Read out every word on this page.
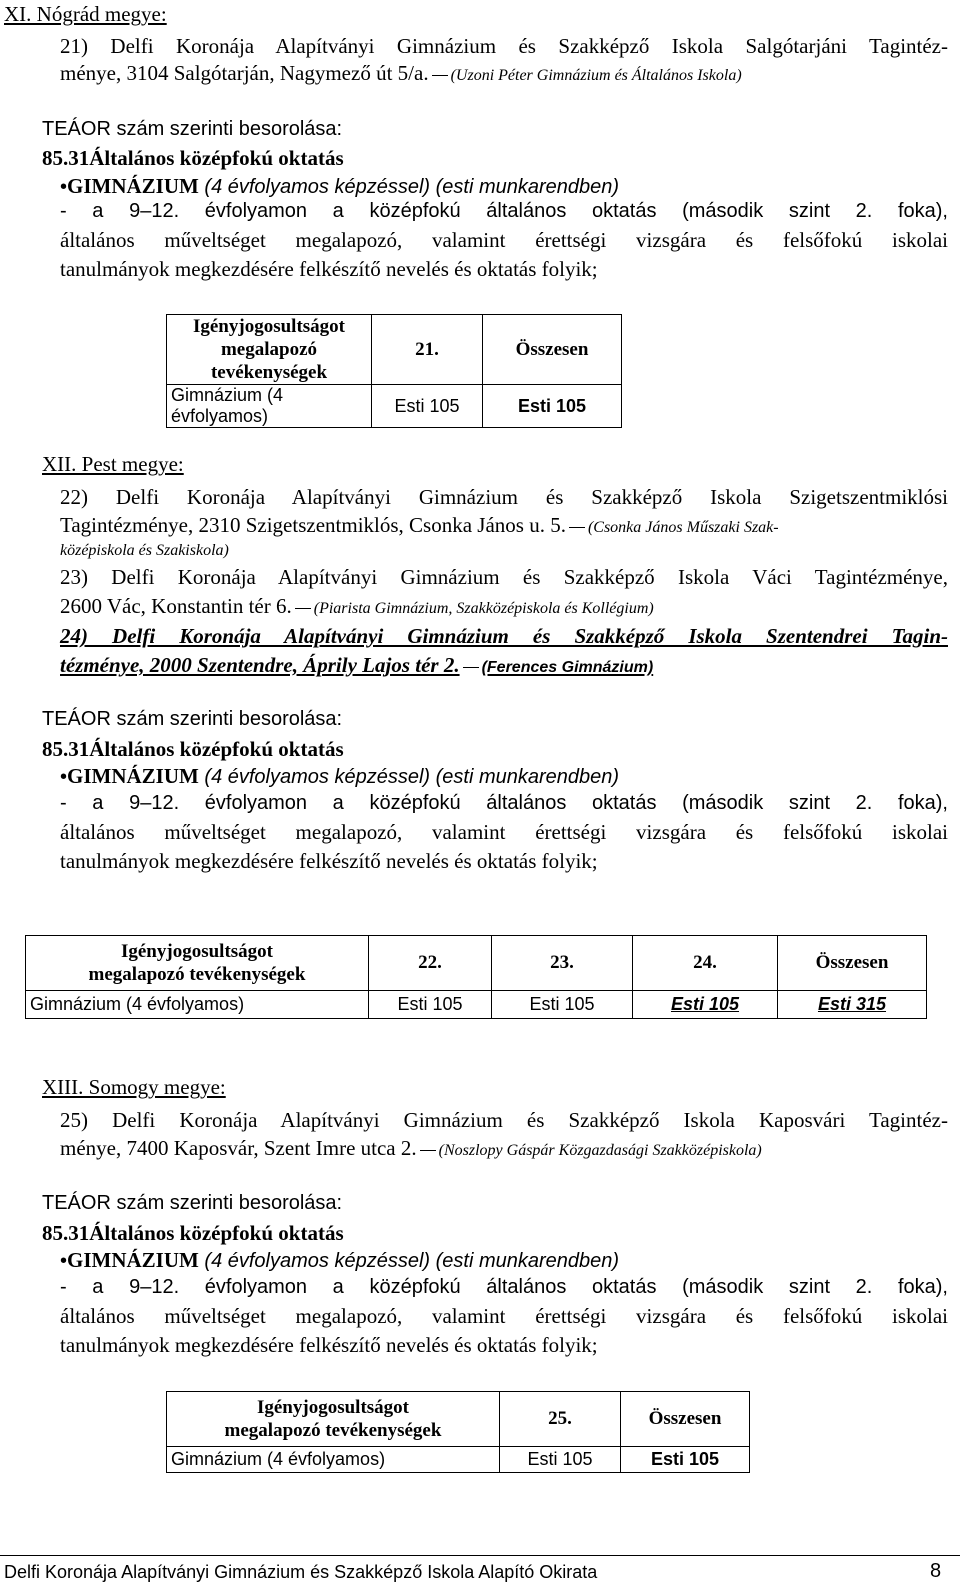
XI. Nógrád megye:
21) Delfi Koronája Alapítványi Gimnázium és Szakképző Iskola Salgótarjáni Tagintéz-
ménye, 3104 Salgótarján, Nagymező út 5/a. (Uzoni Péter Gimnázium és Általános Iskola)
TEÁOR szám szerinti besorolása:
85.31Általános középfokú oktatás
•GIMNÁZIUM (4 évfolyamos képzéssel) (esti munkarendben)
- a 9–12. évfolyamon a középfokú általános oktatás (második szint 2. foka),
általános műveltséget megalapozó, valamint érettségi vizsgára és felsőfokú iskolai
tanulmányok megkezdésére felkészítő nevelés és oktatás folyik;
Igényjogosultságot
megalapozó tevékenységek	21.	Összesen
Gimnázium (4 évfolyamos)	Esti 105	Esti 105
XII. Pest megye:
22) Delfi Koronája Alapítványi Gimnázium és Szakképző Iskola Szigetszentmiklósi
Tagintézménye, 2310 Szigetszentmiklós, Csonka János u. 5. (Csonka János Műszaki Szak-
középiskola és Szakiskola)
23) Delfi Koronája Alapítványi Gimnázium és Szakképző Iskola Váci Tagintézménye,
2600 Vác, Konstantin tér 6. (Piarista Gimnázium, Szakközépiskola és Kollégium)
24) Delfi Koronája Alapítványi Gimnázium és Szakképző Iskola Szentendrei Tagin-
tézménye, 2000 Szentendre, Áprily Lajos tér 2. (Ferences Gimnázium)
TEÁOR szám szerinti besorolása:
85.31Általános középfokú oktatás
•GIMNÁZIUM (4 évfolyamos képzéssel) (esti munkarendben)
- a 9–12. évfolyamon a középfokú általános oktatás (második szint 2. foka),
általános műveltséget megalapozó, valamint érettségi vizsgára és felsőfokú iskolai
tanulmányok megkezdésére felkészítő nevelés és oktatás folyik;
Igényjogosultságot
megalapozó tevékenységek	22.	23.	24.	Összesen
Gimnázium (4 évfolyamos)	Esti 105	Esti 105	Esti 105	Esti 315
XIII. Somogy megye:
25) Delfi Koronája Alapítványi Gimnázium és Szakképző Iskola Kaposvári Tagintéz-
ménye, 7400 Kaposvár, Szent Imre utca 2. (Noszlopy Gáspár Közgazdasági Szakközépiskola)
TEÁOR szám szerinti besorolása:
85.31Általános középfokú oktatás
•GIMNÁZIUM (4 évfolyamos képzéssel) (esti munkarendben)
- a 9–12. évfolyamon a középfokú általános oktatás (második szint 2. foka),
általános műveltséget megalapozó, valamint érettségi vizsgára és felsőfokú iskolai
tanulmányok megkezdésére felkészítő nevelés és oktatás folyik;
Igényjogosultságot
megalapozó tevékenységek	25.	Összesen
Gimnázium (4 évfolyamos)	Esti 105	Esti 105
Delfi Koronája Alapítványi Gimnázium és Szakképző Iskola Alapító Okirata	8
